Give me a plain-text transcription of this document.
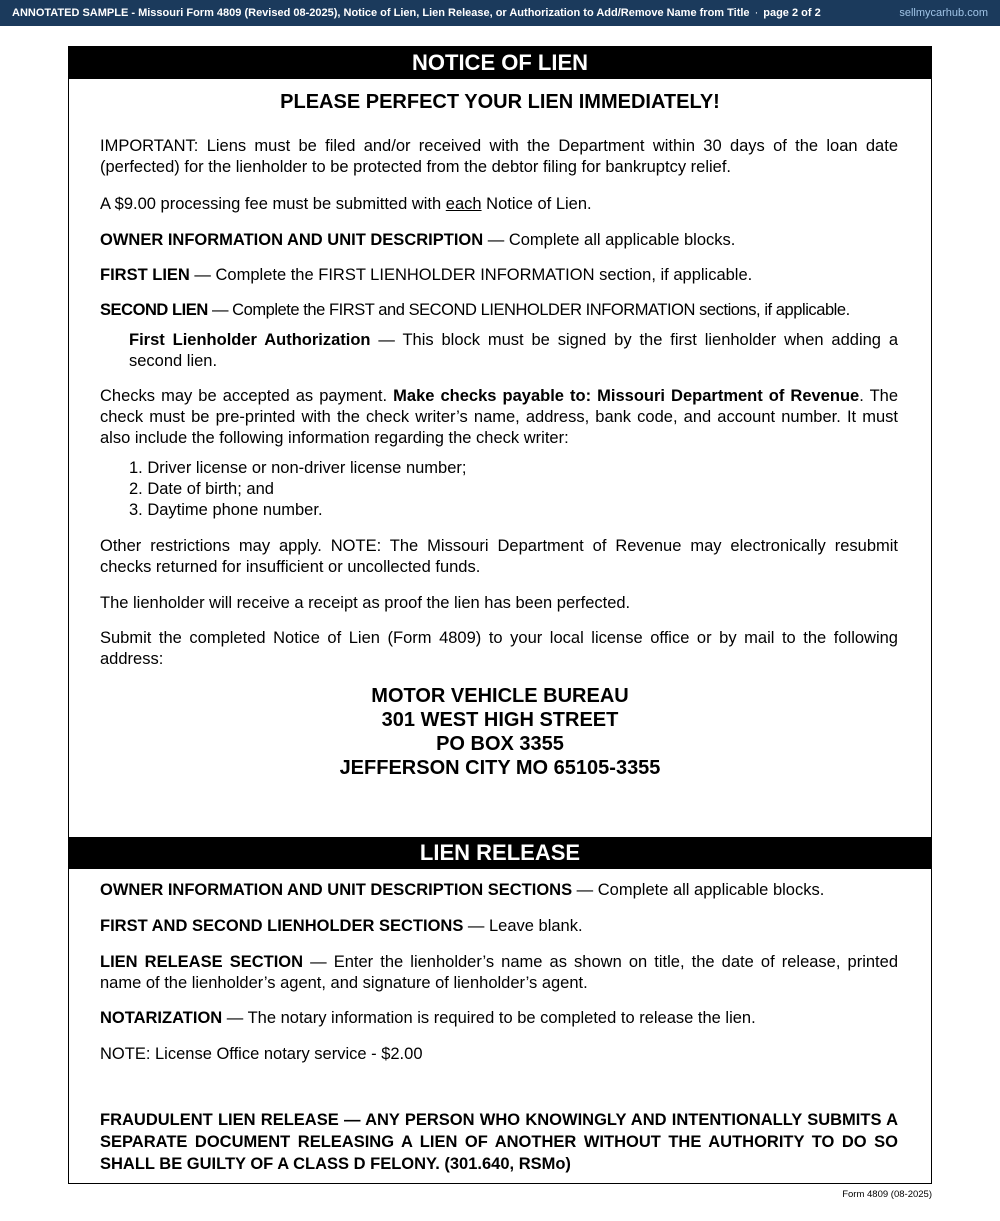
ANNOTATED SAMPLE - Missouri Form 4809 (Revised 08-2025), Notice of Lien, Lien Release, or Authorization to Add/Remove Name from Title · page 2 of 2	sellmycarhub.com
NOTICE OF LIEN
PLEASE PERFECT YOUR LIEN IMMEDIATELY!
IMPORTANT: Liens must be filed and/or received with the Department within 30 days of the loan date (perfected) for the lienholder to be protected from the debtor filing for bankruptcy relief.
A $9.00 processing fee must be submitted with each Notice of Lien.
OWNER INFORMATION AND UNIT DESCRIPTION — Complete all applicable blocks.
FIRST LIEN — Complete the FIRST LIENHOLDER INFORMATION section, if applicable.
SECOND LIEN — Complete the FIRST and SECOND LIENHOLDER INFORMATION sections, if applicable.
First Lienholder Authorization — This block must be signed by the first lienholder when adding a second lien.
Checks may be accepted as payment. Make checks payable to: Missouri Department of Revenue. The check must be pre-printed with the check writer’s name, address, bank code, and account number. It must also include the following information regarding the check writer:
1. Driver license or non-driver license number;
2. Date of birth; and
3. Daytime phone number.
Other restrictions may apply. NOTE: The Missouri Department of Revenue may electronically resubmit checks returned for insufficient or uncollected funds.
The lienholder will receive a receipt as proof the lien has been perfected.
Submit the completed Notice of Lien (Form 4809) to your local license office or by mail to the following address:
MOTOR VEHICLE BUREAU
301 WEST HIGH STREET
PO BOX 3355
JEFFERSON CITY MO 65105-3355
LIEN RELEASE
OWNER INFORMATION AND UNIT DESCRIPTION SECTIONS — Complete all applicable blocks.
FIRST AND SECOND LIENHOLDER SECTIONS — Leave blank.
LIEN RELEASE SECTION — Enter the lienholder’s name as shown on title, the date of release, printed name of the lienholder’s agent, and signature of lienholder’s agent.
NOTARIZATION — The notary information is required to be completed to release the lien.
NOTE: License Office notary service - $2.00
FRAUDULENT LIEN RELEASE — ANY PERSON WHO KNOWINGLY AND INTENTIONALLY SUBMITS A SEPARATE DOCUMENT RELEASING A LIEN OF ANOTHER WITHOUT THE AUTHORITY TO DO SO SHALL BE GUILTY OF A CLASS D FELONY. (301.640, RSMo)
Form 4809 (08-2025)
